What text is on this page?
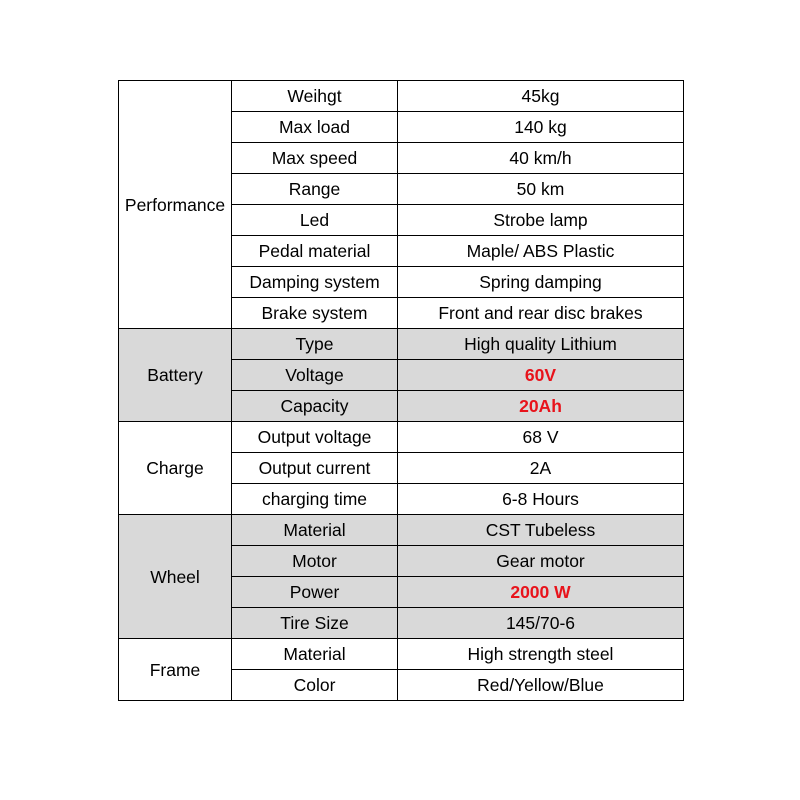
Performance	Weihgt	45kg
	Max load	140 kg
	Max speed	40 km/h
	Range	50 km
	Led	Strobe lamp
	Pedal material	Maple/ ABS Plastic
	Damping system	Spring damping
	Brake system	Front and rear disc brakes
Battery	Type	High quality Lithium
	Voltage	60V
	Capacity	20Ah
Charge	Output voltage	68 V
	Output current	2A
	charging time	6-8 Hours
Wheel	Material	CST Tubeless
	Motor	Gear motor
	Power	2000 W
	Tire Size	145/70-6
Frame	Material	High strength steel
	Color	Red/Yellow/Blue
